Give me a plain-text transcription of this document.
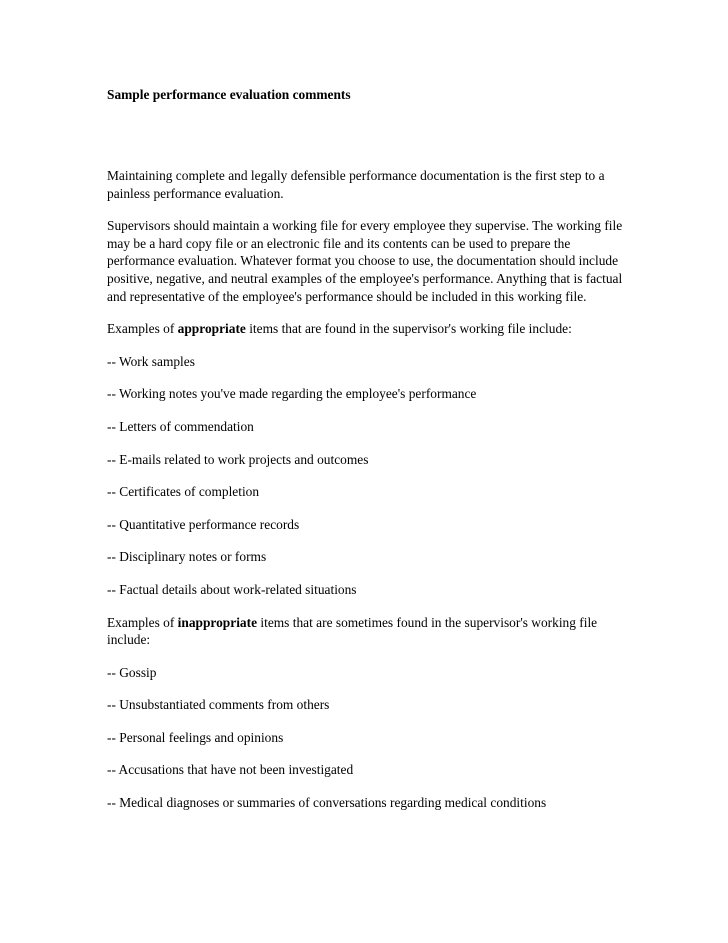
Sample performance evaluation comments

Maintaining complete and legally defensible performance documentation is the first step to a painless performance evaluation.

Supervisors should maintain a working file for every employee they supervise. The working file may be a hard copy file or an electronic file and its contents can be used to prepare the performance evaluation. Whatever format you choose to use, the documentation should include positive, negative, and neutral examples of the employee's performance. Anything that is factual and representative of the employee's performance should be included in this working file.

Examples of appropriate items that are found in the supervisor's working file include:

-- Work samples

-- Working notes you've made regarding the employee's performance

-- Letters of commendation

-- E-mails related to work projects and outcomes

-- Certificates of completion

-- Quantitative performance records

-- Disciplinary notes or forms

-- Factual details about work-related situations

Examples of inappropriate items that are sometimes found in the supervisor's working file include:

-- Gossip

-- Unsubstantiated comments from others

-- Personal feelings and opinions

-- Accusations that have not been investigated

-- Medical diagnoses or summaries of conversations regarding medical conditions
